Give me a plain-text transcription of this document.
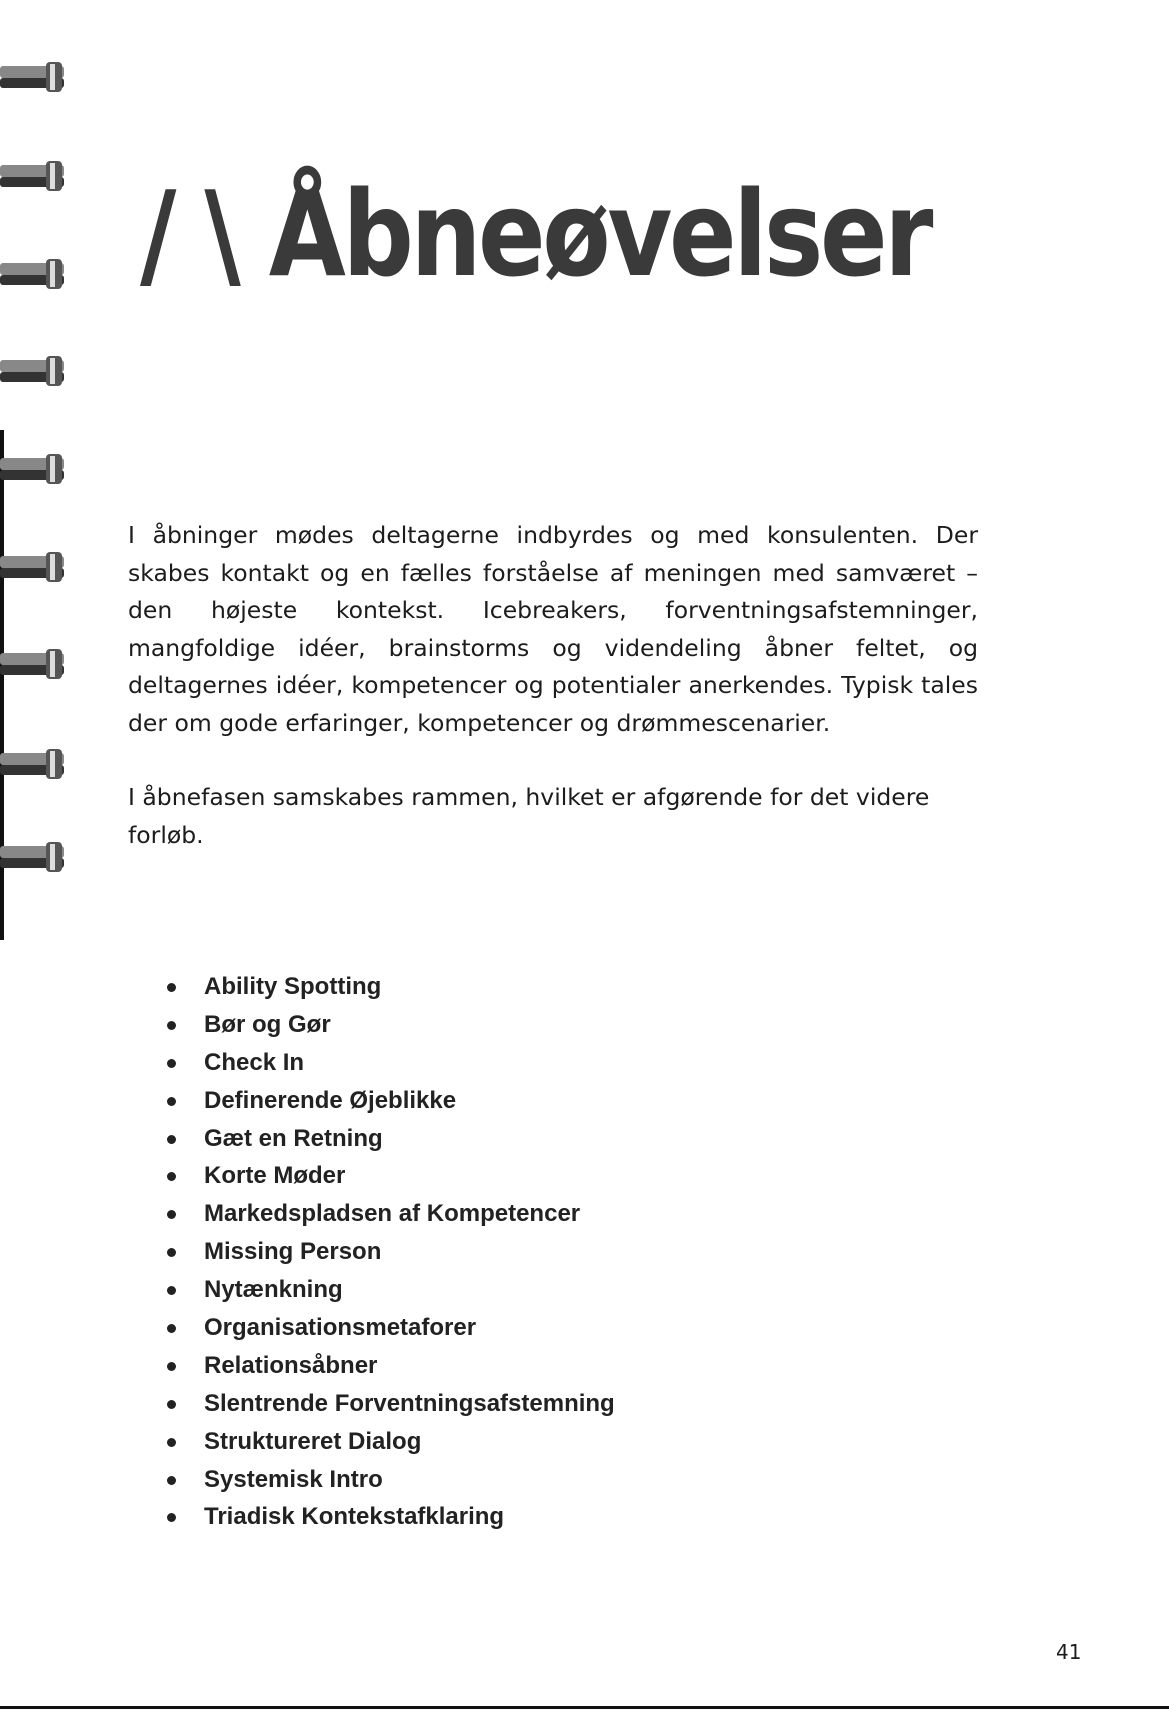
/ \ Åbneøvelser

I åbninger mødes deltagerne indbyrdes og med konsulenten. Der skabes kontakt og en fælles forståelse af meningen med samværet – den højeste kontekst. Icebreakers, forventningsafstemninger, mangfoldige idéer, brainstorms og videndeling åbner feltet, og deltagernes idéer, kompetencer og potentialer anerkendes. Typisk tales der om gode erfaringer, kompetencer og drømmescenarier.

I åbnefasen samskabes rammen, hvilket er afgørende for det videre forløb.

Ability Spotting
Bør og Gør
Check In
Definerende Øjeblikke
Gæt en Retning
Korte Møder
Markedspladsen af Kompetencer
Missing Person
Nytænkning
Organisationsmetaforer
Relationsåbner
Slentrende Forventningsafstemning
Struktureret Dialog
Systemisk Intro
Triadisk Kontekstafklaring
41
